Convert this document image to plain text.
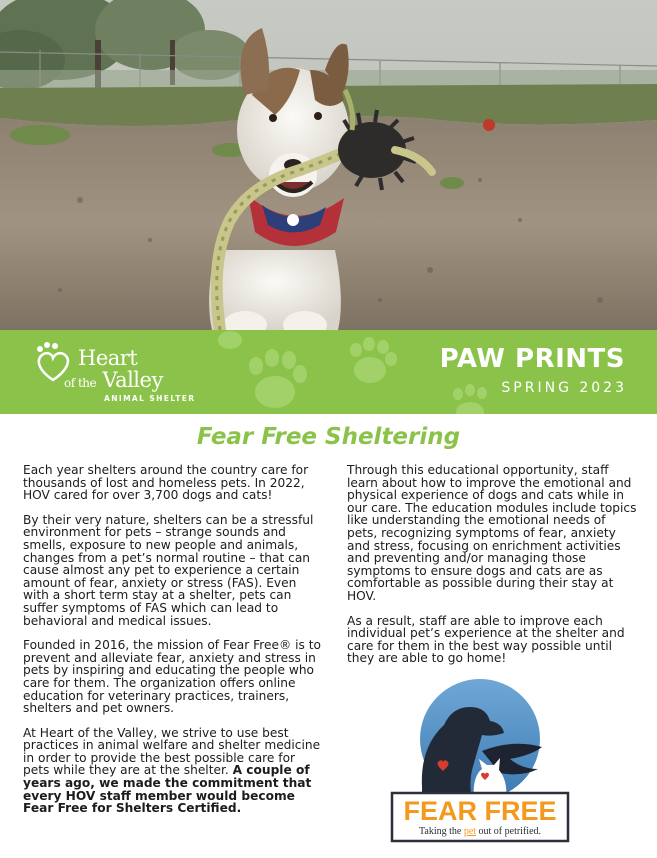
Heart
of the Valley
ANIMAL SHELTER
PAW PRINTS
SPRING 2023
Fear Free Sheltering

Each year shelters around the country care for thousands of lost and homeless pets. In 2022, HOV cared for over 3,700 dogs and cats!

By their very nature, shelters can be a stressful environment for pets – strange sounds and smells, exposure to new people and animals, changes from a pet’s normal routine – that can cause almost any pet to experience a certain amount of fear, anxiety or stress (FAS). Even with a short term stay at a shelter, pets can suffer symptoms of FAS which can lead to behavioral and medical issues.

Founded in 2016, the mission of Fear Free® is to prevent and alleviate fear, anxiety and stress in pets by inspiring and educating the people who care for them. The organization offers online education for veterinary practices, trainers, shelters and pet owners.

At Heart of the Valley, we strive to use best practices in animal welfare and shelter medicine in order to provide the best possible care for pets while they are at the shelter. A couple of years ago, we made the commitment that every HOV staff member would become Fear Free for Shelters Certified.

Through this educational opportunity, staff learn about how to improve the emotional and physical experience of dogs and cats while in our care. The education modules include topics like understanding the emotional needs of pets, recognizing symptoms of fear, anxiety and stress, focusing on enrichment activities and preventing and/or managing those symptoms to ensure dogs and cats are as comfortable as possible during their stay at HOV.

As a result, staff are able to improve each individual pet’s experience at the shelter and care for them in the best way possible until they are able to go home!

FEAR FREE
Taking the pet out of petrified.
